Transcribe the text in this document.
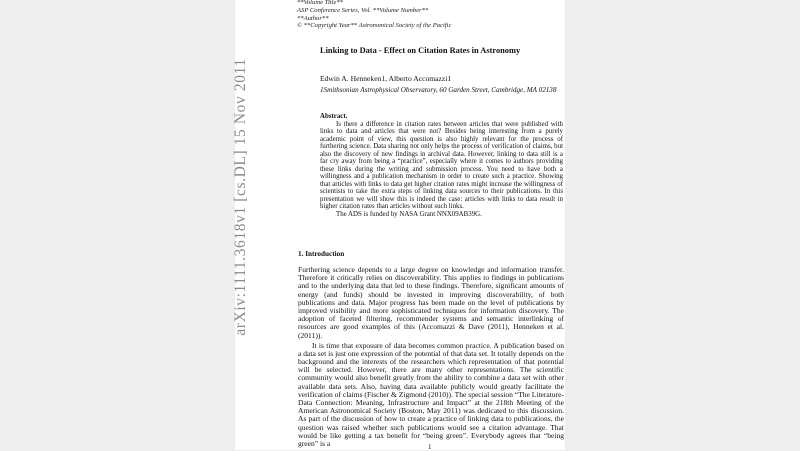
arXiv:1111.3618v1 [cs.DL] 15 Nov 2011
**Volume Title**
ASP Conference Series, Vol. **Volume Number**
**Author**
© **Copyright Year** Astronomical Society of the Pacific
Linking to Data - Effect on Citation Rates in Astronomy
Edwin A. Henneken1, Alberto Accomazzi1
1Smithsonian Astrophysical Observatory, 60 Garden Street, Cambridge, MA 02138
Abstract.

Is there a difference in citation rates between articles that were published with links to data and articles that were not? Besides being interesting from a purely academic point of view, this question is also highly relevant for the process of furthering science. Data sharing not only helps the process of verification of claims, but also the discovery of new findings in archival data. However, linking to data still is a far cry away from being a “practice”, especially where it comes to authors providing these links during the writing and submission process. You need to have both a willingness and a publication mechanism in order to create such a practice. Showing that articles with links to data get higher citation rates might increase the willingness of scientists to take the extra steps of linking data sources to their publications. In this presentation we will show this is indeed the case: articles with links to data result in higher citation rates than articles without such links.

The ADS is funded by NASA Grant NNX09AB39G.

1. Introduction

Furthering science depends to a large degree on knowledge and information transfer. Therefore it critically relies on discoverability. This applies to findings in publications and to the underlying data that led to these findings. Therefore, significant amounts of energy (and funds) should be invested in improving discoverability, of both publications and data. Major progress has been made on the level of publications by improved visibility and more sophisticated techniques for information discovery. The adoption of faceted filtering, recommender systems and semantic interlinking of resources are good examples of this (Accomazzi & Dave (2011), Henneken et al. (2011)).

It is time that exposure of data becomes common practice. A publication based on a data set is just one expression of the potential of that data set. It totally depends on the background and the interests of the researchers which representation of that potential will be selected. However, there are many other representations. The scientific community would also benefit greatly from the ability to combine a data set with other available data sets. Also, having data available publicly would greatly facilitate the verification of claims (Fischer & Zigmond (2010)). The special session “The Literature-Data Connection: Meaning, Infrastructure and Impact” at the 218th Meeting of the American Astronomical Society (Boston, May 2011) was dedicated to this discussion. As part of the discussion of how to create a practice of linking data to publications, the question was raised whether such publications would see a citation advantage. That would be like getting a tax benefit for “being green”. Everybody agrees that “being green” is a	1
